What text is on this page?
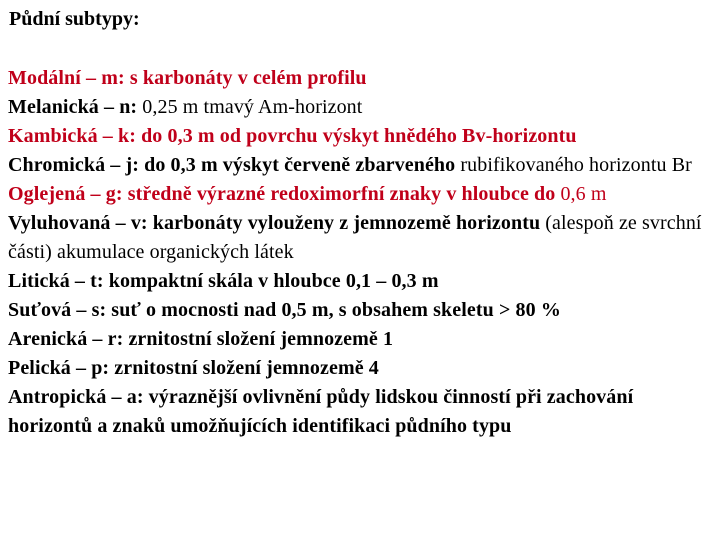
Půdní subtypy:

Modální – m: s karbonáty v celém profilu

Melanická – n: 0,25 m tmavý Am-horizont

Kambická – k: do 0,3 m od povrchu výskyt hnědého Bv-horizontu

Chromická – j: do 0,3 m výskyt červeně zbarveného rubifikovaného horizontu Br

Oglejená – g: středně výrazné redoximorfní znaky v hloubce do 0,6 m

Vyluhovaná – v: karbonáty vylouženy z jemnozemě horizontu (alespoň ze svrchní části) akumulace organických látek

Litická – t: kompaktní skála v hloubce 0,1 – 0,3 m

Suťová – s: suť o mocnosti nad 0,5 m, s obsahem skeletu > 80 %

Arenická – r: zrnitostní složení jemnozemě 1

Pelická – p: zrnitostní složení jemnozemě 4

Antropická – a: výraznější ovlivnění půdy lidskou činností při zachování horizontů a znaků umožňujících identifikaci půdního typu
